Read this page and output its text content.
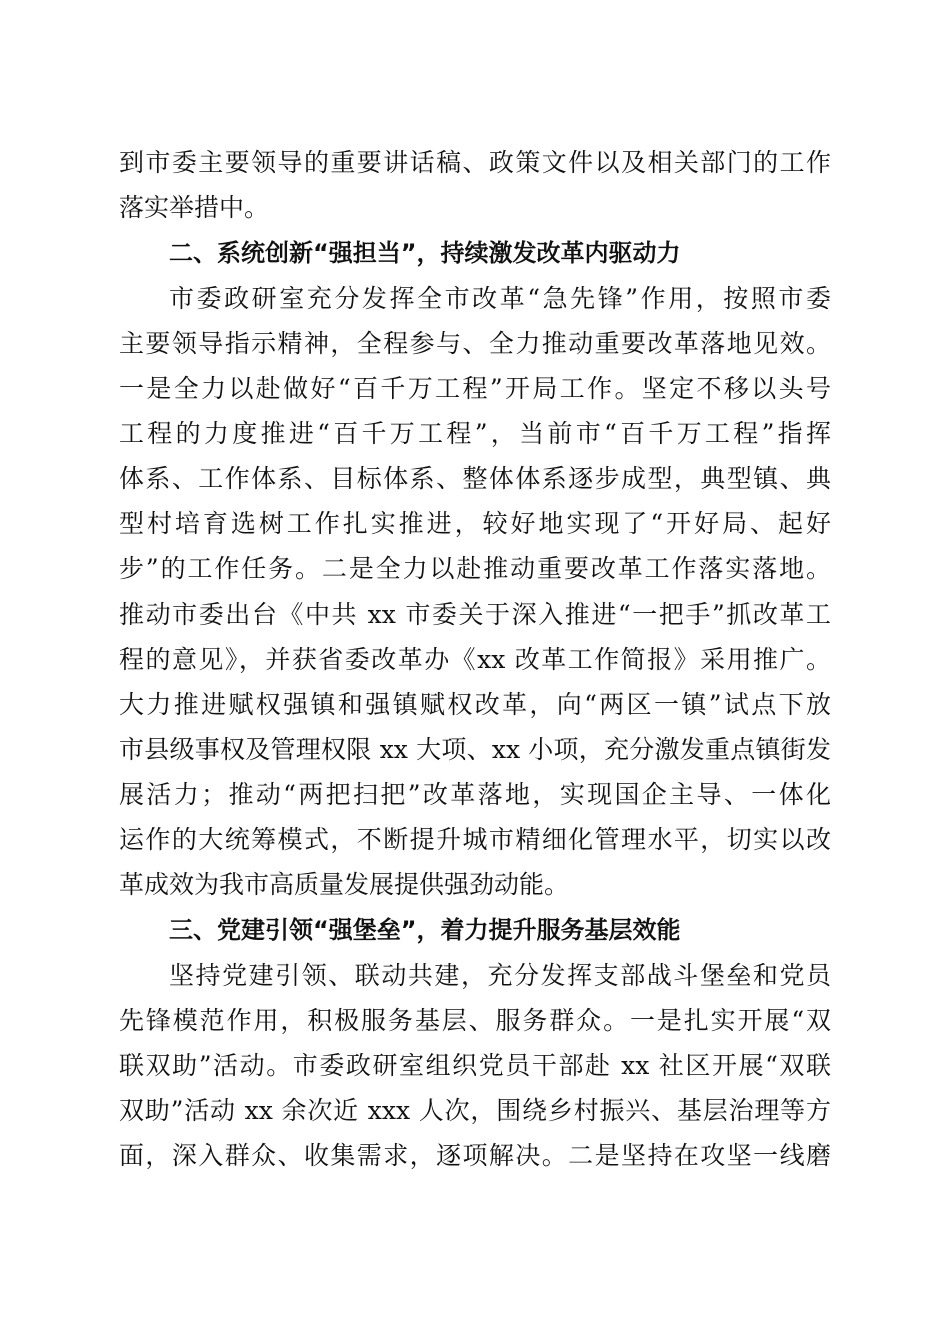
到市委主要领导的重要讲话稿、政策文件以及相关部门的工作
落实举措中。
二、系统创新“强担当”，持续激发改革内驱动力
市委政研室充分发挥全市改革“急先锋”作用，按照市委
主要领导指示精神，全程参与、全力推动重要改革落地见效。
一是全力以赴做好“百千万工程”开局工作。坚定不移以头号
工程的力度推进“百千万工程”，当前市“百千万工程”指挥
体系、工作体系、目标体系、整体体系逐步成型，典型镇、典
型村培育选树工作扎实推进，较好地实现了“开好局、起好
步”的工作任务。二是全力以赴推动重要改革工作落实落地。
推动市委出台《中共 xx 市委关于深入推进“一把手”抓改革工
程的意见》，并获省委改革办《xx 改革工作简报》采用推广。
大力推进赋权强镇和强镇赋权改革，向“两区一镇”试点下放
市县级事权及管理权限 xx 大项、xx 小项，充分激发重点镇街发
展活力；推动“两把扫把”改革落地，实现国企主导、一体化
运作的大统筹模式，不断提升城市精细化管理水平，切实以改
革成效为我市高质量发展提供强劲动能。
三、党建引领“强堡垒”，着力提升服务基层效能
坚持党建引领、联动共建，充分发挥支部战斗堡垒和党员
先锋模范作用，积极服务基层、服务群众。一是扎实开展“双
联双助”活动。市委政研室组织党员干部赴 xx 社区开展“双联
双助”活动 xx 余次近 xxx 人次，围绕乡村振兴、基层治理等方
面，深入群众、收集需求，逐项解决。二是坚持在攻坚一线磨
